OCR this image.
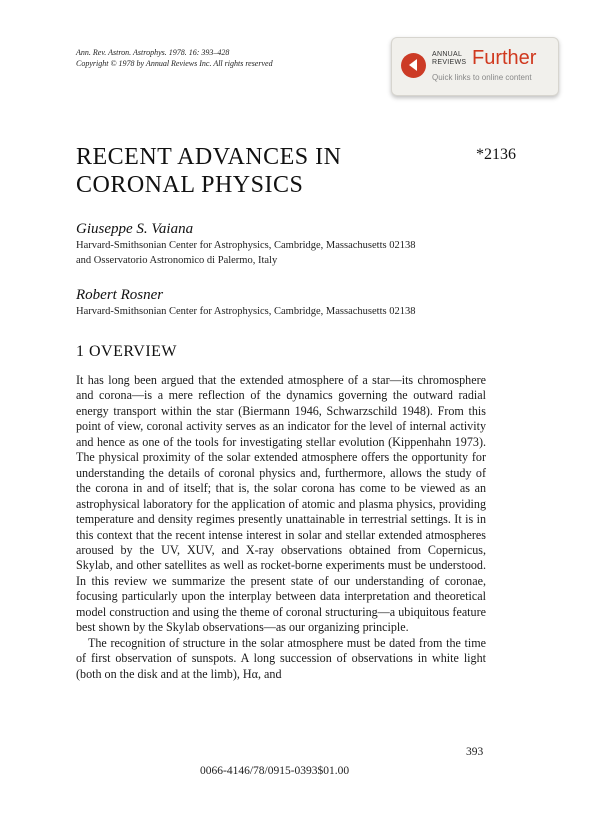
Ann. Rev. Astron. Astrophys. 1978. 16: 393–428
Copyright © 1978 by Annual Reviews Inc. All rights reserved
ANNUAL
REVIEWS Further
Quick links to online content
RECENT ADVANCES IN
CORONAL PHYSICS
*2136
Giuseppe S. Vaiana
Harvard-Smithsonian Center for Astrophysics, Cambridge, Massachusetts 02138
and Osservatorio Astronomico di Palermo, Italy
Robert Rosner
Harvard-Smithsonian Center for Astrophysics, Cambridge, Massachusetts 02138
1 OVERVIEW

It has long been argued that the extended atmosphere of a star—its chromosphere and corona—is a mere reflection of the dynamics governing the outward radial energy transport within the star (Biermann 1946, Schwarzschild 1948). From this point of view, coronal activity serves as an indicator for the level of internal activity and hence as one of the tools for investigating stellar evolution (Kippenhahn 1973). The physical proximity of the solar extended atmosphere offers the opportunity for understanding the details of coronal physics and, furthermore, allows the study of the corona in and of itself; that is, the solar corona has come to be viewed as an astrophysical laboratory for the application of atomic and plasma physics, providing temperature and density regimes presently unattainable in terrestrial settings. It is in this context that the recent intense interest in solar and stellar extended atmospheres aroused by the UV, XUV, and X-ray observations obtained from Copernicus, Skylab, and other satellites as well as rocket-borne experiments must be understood. In this review we summarize the present state of our understanding of coronae, focusing particularly upon the interplay between data interpretation and theoretical model construction and using the theme of coronal structuring—a ubiquitous feature best shown by the Skylab observations—as our organizing principle.

The recognition of structure in the solar atmosphere must be dated from the time of first observation of sunspots. A long succession of observations in white light (both on the disk and at the limb), Hα, and

393
0066-4146/78/0915-0393$01.00
